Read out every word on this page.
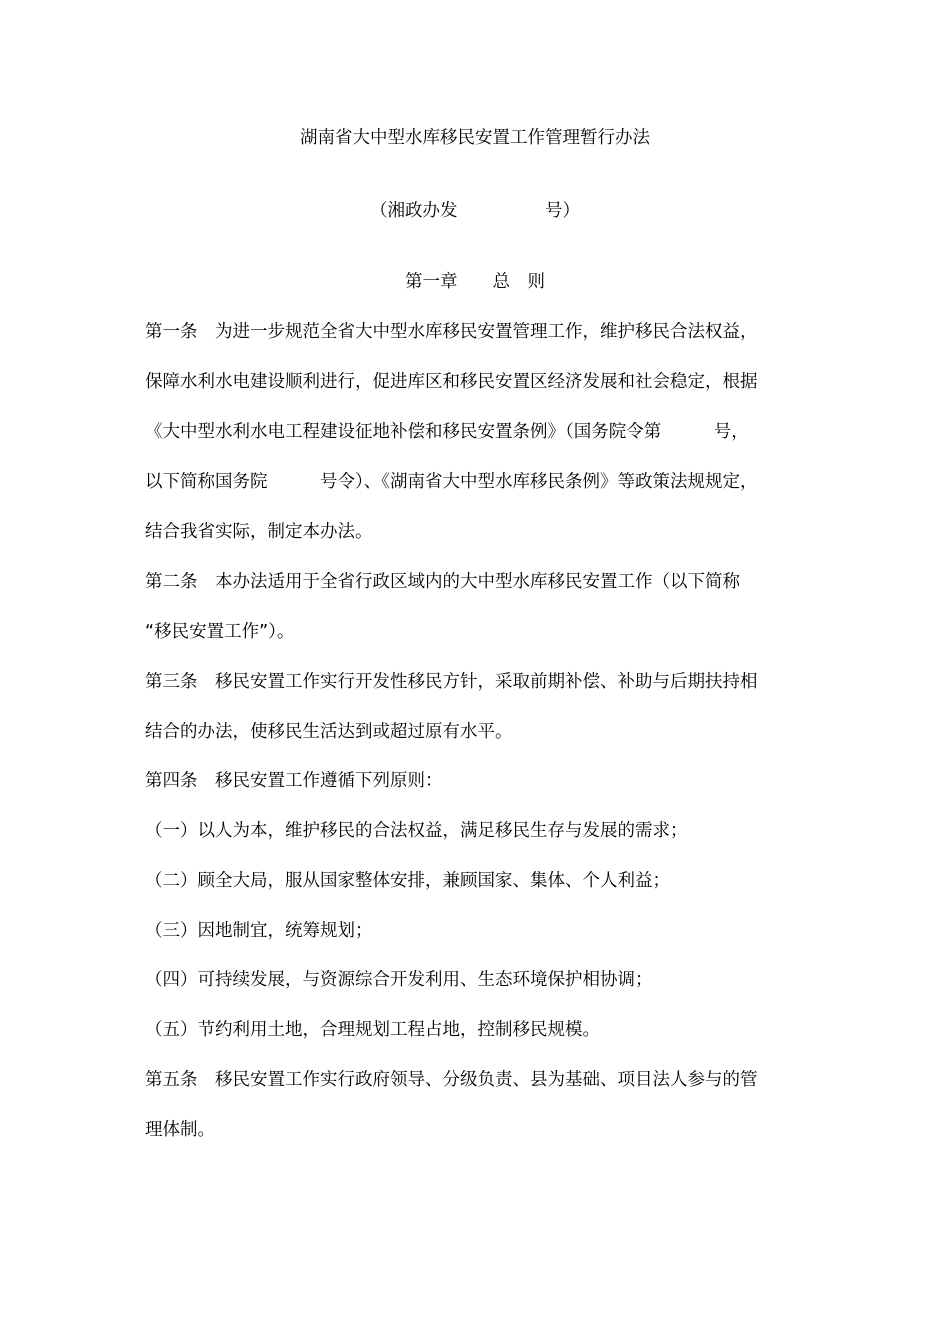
湖南省大中型水库移民安置工作管理暂行办法
（湘政办发　　　　　号）
第一章　　总　则
第一条　为进一步规范全省大中型水库移民安置管理工作，维护移民合法权益，
保障水利水电建设顺利进行，促进库区和移民安置区经济发展和社会稳定，根据
《大中型水利水电工程建设征地补偿和移民安置条例》（国务院令第　　　号，
以下简称国务院　　　号令）、《湖南省大中型水库移民条例》等政策法规规定，
结合我省实际，制定本办法。
第二条　本办法适用于全省行政区域内的大中型水库移民安置工作（以下简称
“移民安置工作”）。
第三条　移民安置工作实行开发性移民方针，采取前期补偿、补助与后期扶持相
结合的办法，使移民生活达到或超过原有水平。
第四条　移民安置工作遵循下列原则：
（一）以人为本，维护移民的合法权益，满足移民生存与发展的需求；
（二）顾全大局，服从国家整体安排，兼顾国家、集体、个人利益；
（三）因地制宜，统筹规划；
（四）可持续发展，与资源综合开发利用、生态环境保护相协调；
（五）节约利用土地，合理规划工程占地，控制移民规模。
第五条　移民安置工作实行政府领导、分级负责、县为基础、项目法人参与的管
理体制。
